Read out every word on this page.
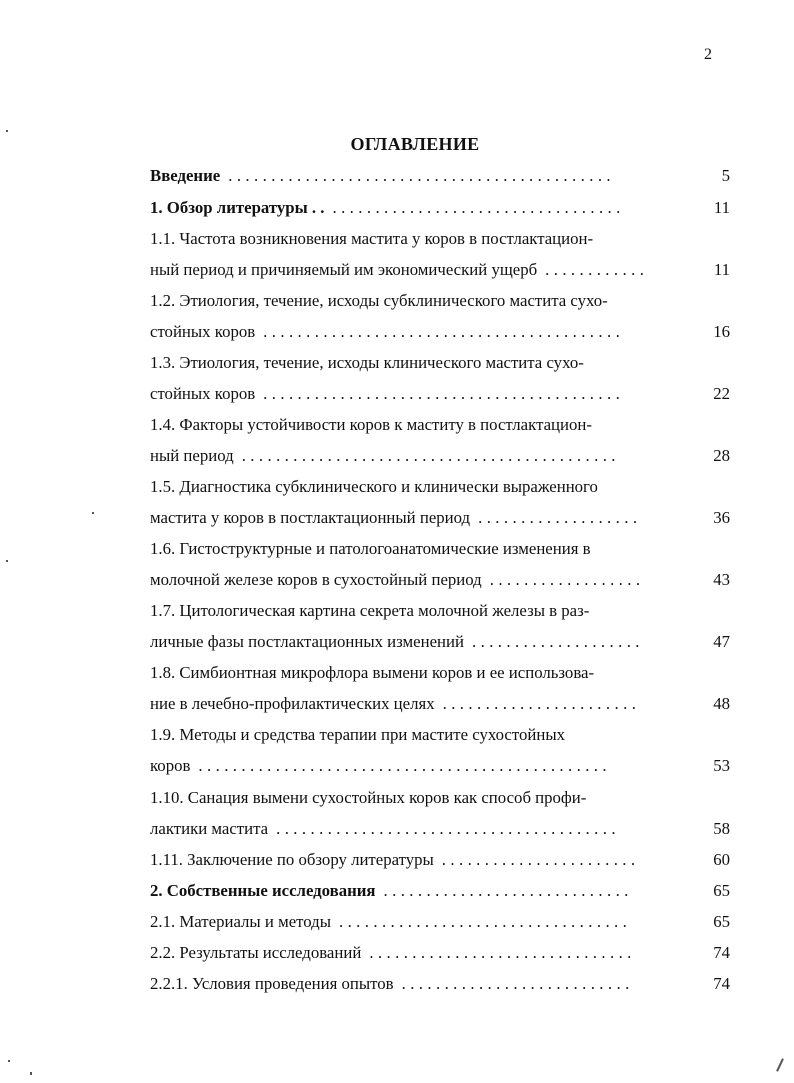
2
ОГЛАВЛЕНИЕ
Введение .............................................	5
1. Обзор литературы . . ..................................	11
1.1. Частота возникновения мастита у коров в постлактацион-
ный период и причиняемый им экономический ущерб ............	11
1.2. Этиология, течение, исходы субклинического мастита сухо-
стойных коров ..........................................	16
1.3. Этиология, течение, исходы клинического мастита сухо-
стойных коров ..........................................	22
1.4. Факторы устойчивости коров к маститу в постлактацион-
ный период ............................................	28
1.5. Диагностика субклинического и клинически выраженного
мастита у коров в постлактационный период ...................	36
1.6. Гистоструктурные и патологоанатомические изменения в
молочной железе коров в сухостойный период ..................	43
1.7. Цитологическая картина секрета молочной железы в раз-
личные фазы постлактационных изменений ....................	47
1.8. Симбионтная микрофлора вымени коров и ее использова-
ние в лечебно-профилактических целях .......................	48
1.9. Методы и средства терапии при мастите сухостойных
коров ................................................	53
1.10. Санация вымени сухостойных коров как способ профи-
лактики мастита ........................................	58
1.11. Заключение по обзору литературы .......................	60
2. Собственные исследования .............................	65
2.1. Материалы и методы ..................................	65
2.2. Результаты исследований ...............................	74
2.2.1. Условия проведения опытов ...........................	74
